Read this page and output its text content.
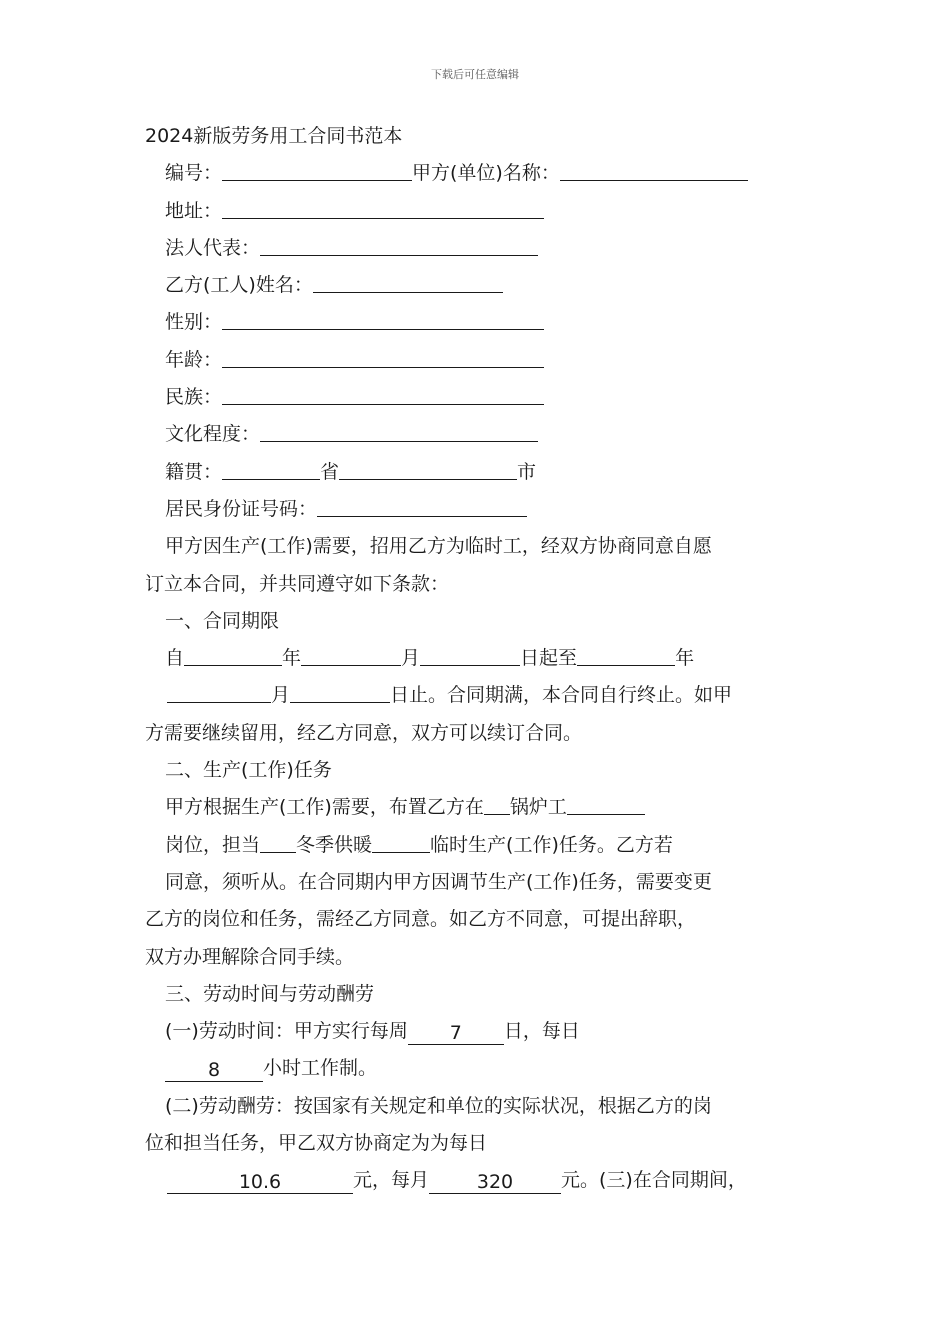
下载后可任意编辑
2024新版劳务用工合同书范本
编号：	甲方(单位)名称：
地址：
法人代表：
乙方(工人)姓名：
性别：
年龄：
民族：
文化程度：
籍贯：	省	市
居民身份证号码：
甲方因生产(工作)需要，招用乙方为临时工，经双方协商同意自愿
订立本合同，并共同遵守如下条款：
一、合同期限
自	年	月	日起至	年
月	日止。合同期满，本合同自行终止。如甲
方需要继续留用，经乙方同意，双方可以续订合同。
二、生产(工作)任务
甲方根据生产(工作)需要，布置乙方在 锅炉工
岗位，担当 冬季供暖	临时生产(工作)任务。乙方若
同意，须听从。在合同期内甲方因调节生产(工作)任务，需要变更
乙方的岗位和任务，需经乙方同意。如乙方不同意，可提出辞职，
双方办理解除合同手续。
三、劳动时间与劳动酬劳
(一)劳动时间：甲方实行每周 7 日，每日
8 小时工作制。
(二)劳动酬劳：按国家有关规定和单位的实际状况，根据乙方的岗
位和担当任务，甲乙双方协商定为为每日
10.6	元，每月	320	元。(三)在合同期间，
